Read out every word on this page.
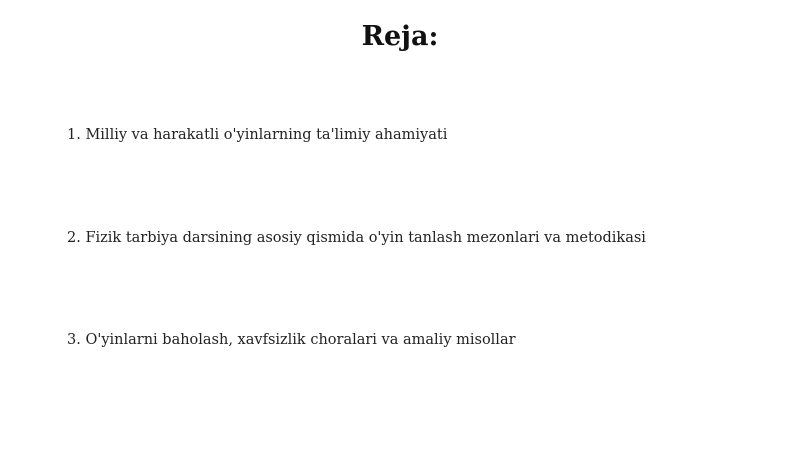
Reja:

1. Milliy va harakatli o'yinlarning ta'limiy ahamiyati

2. Fizik tarbiya darsining asosiy qismida o'yin tanlash mezonlari va metodikasi

3. O'yinlarni baholash, xavfsizlik choralari va amaliy misollar
